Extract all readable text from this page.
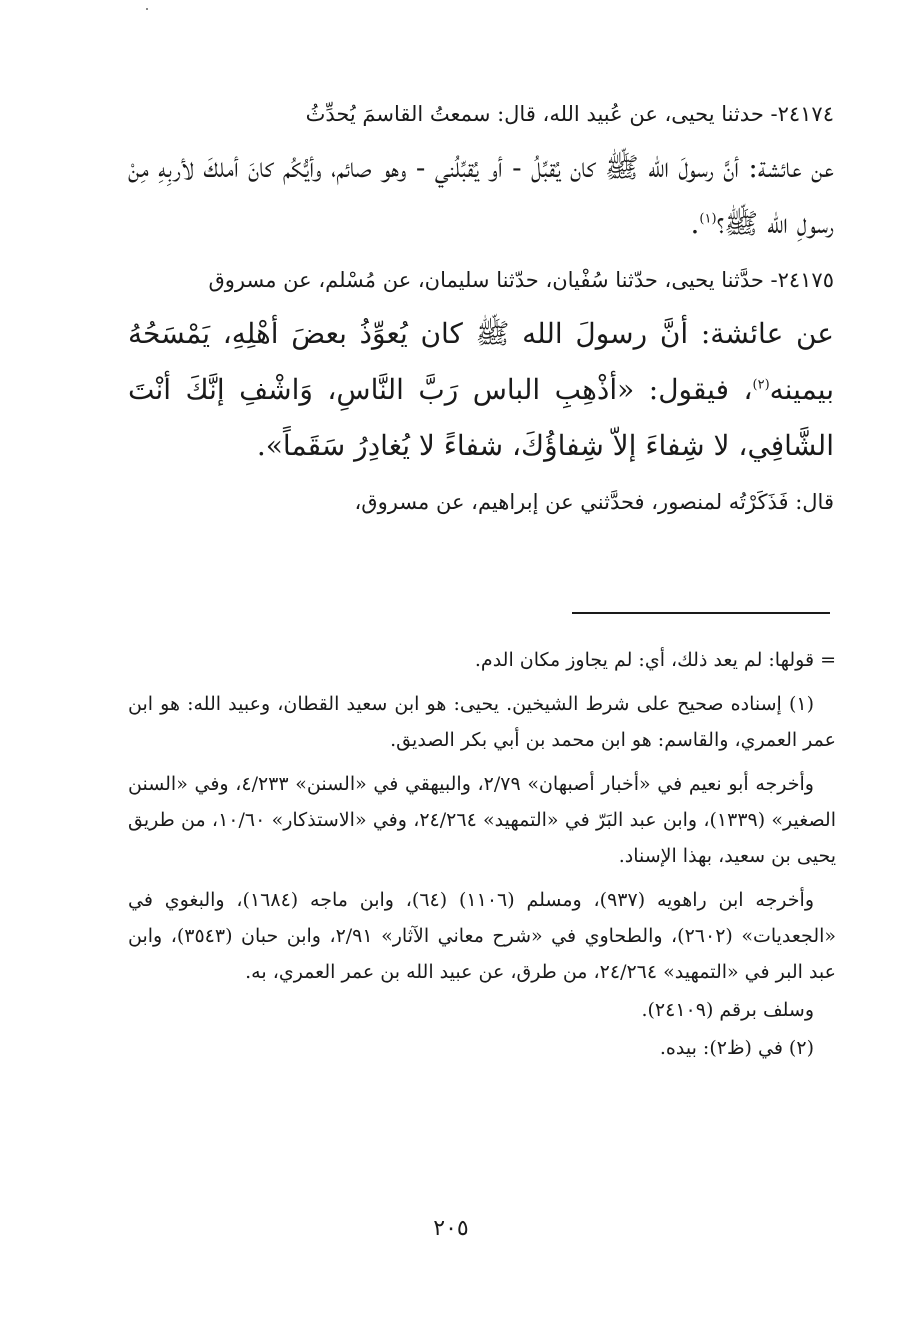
٢٤١٧٤- حدثنا يحيى، عن عُبيد الله، قال: سمعتُ القاسمَ يُحدِّثُ

عن عائشة: أنَّ رسولَ الله ﷺ كان يُقبِّلُ - أو يُقبِّلُني - وهو صائم، وأيُّكُم كانَ أملكَ لأربِهِ مِنْ رسولِ الله ﷺ؟$^{(١)}$.

٢٤١٧٥- حدَّثنا يحيى، حدّثنا سُفْيان، حدّثنا سليمان، عن مُسْلم، عن مسروق

عن عائشة: أنَّ رسولَ الله ﷺ كان يُعوِّذُ بعضَ أهْلِهِ، يَمْسَحُهُ بيمينه$^{(٢)}$، فيقول: «أذْهِبِ الباس رَبَّ النَّاسِ، وَاشْفِ إنَّكَ أنْتَ الشَّافِي، لا شِفاءَ إلاّ شِفاؤُكَ، شفاءً لا يُغادِرُ سَقَماً».

قال: فَذَكَرْتُه لمنصور، فحدَّثني عن إبراهيم، عن مسروق،

= قولها: لم يعد ذلك، أي: لم يجاوز مكان الدم.

(١) إسناده صحيح على شرط الشيخين. يحيى: هو ابن سعيد القطان، وعبيد الله: هو ابن عمر العمري، والقاسم: هو ابن محمد بن أبي بكر الصديق.

وأخرجه أبو نعيم في «أخبار أصبهان» ٢/٧٩، والبيهقي في «السنن» ٤/٢٣٣، وفي «السنن الصغير» (١٣٣٩)، وابن عبد البَرّ في «التمهيد» ٢٤/٢٦٤، وفي «الاستذكار» ١٠/٦٠، من طريق يحيى بن سعيد، بهذا الإسناد.

وأخرجه ابن راهويه (٩٣٧)، ومسلم (١١٠٦) (٦٤)، وابن ماجه (١٦٨٤)، والبغوي في «الجعديات» (٢٦٠٢)، والطحاوي في «شرح معاني الآثار» ٢/٩١، وابن حبان (٣٥٤٣)، وابن عبد البر في «التمهيد» ٢٤/٢٦٤، من طرق، عن عبيد الله بن عمر العمري، به.

وسلف برقم (٢٤١٠٩).

(٢) في (ظ٢): بيده.

٢٠٥
